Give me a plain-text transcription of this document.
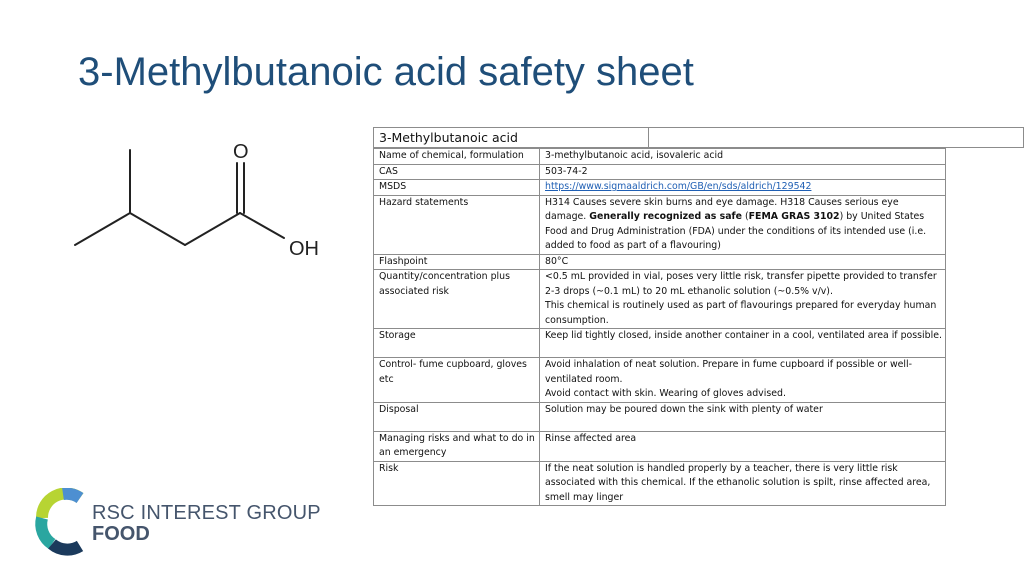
3-Methylbutanoic acid safety sheet
O
OH
3-Methylbutanoic acid
Name of chemical, formulation	3-methylbutanoic acid, isovaleric acid
CAS	503-74-2
MSDS	https://www.sigmaaldrich.com/GB/en/sds/aldrich/129542
Hazard statements	H314 Causes severe skin burns and eye damage. H318 Causes serious eye damage. Generally recognized as safe (FEMA GRAS 3102) by United States Food and Drug Administration (FDA) under the conditions of its intended use (i.e. added to food as part of a flavouring)
Flashpoint	80°C
Quantity/concentration plus associated risk	<0.5 mL provided in vial, poses very little risk, transfer pipette provided to transfer 2-3 drops (~0.1 mL) to 20 mL ethanolic solution (~0.5% v/v).
This chemical is routinely used as part of flavourings prepared for everyday human consumption.

Storage	Keep lid tightly closed, inside another container in a cool, ventilated area if possible.
Control- fume cupboard, gloves etc	Avoid inhalation of neat solution. Prepare in fume cupboard if possible or well-ventilated room.
Avoid contact with skin. Wearing of gloves advised.

Disposal	Solution may be poured down the sink with plenty of water
Managing risks and what to do in an emergency	Rinse affected area
Risk	If the neat solution is handled properly by a teacher, there is very little risk associated with this chemical. If the ethanolic solution is spilt, rinse affected area, smell may linger
RSC INTEREST GROUP
FOOD
